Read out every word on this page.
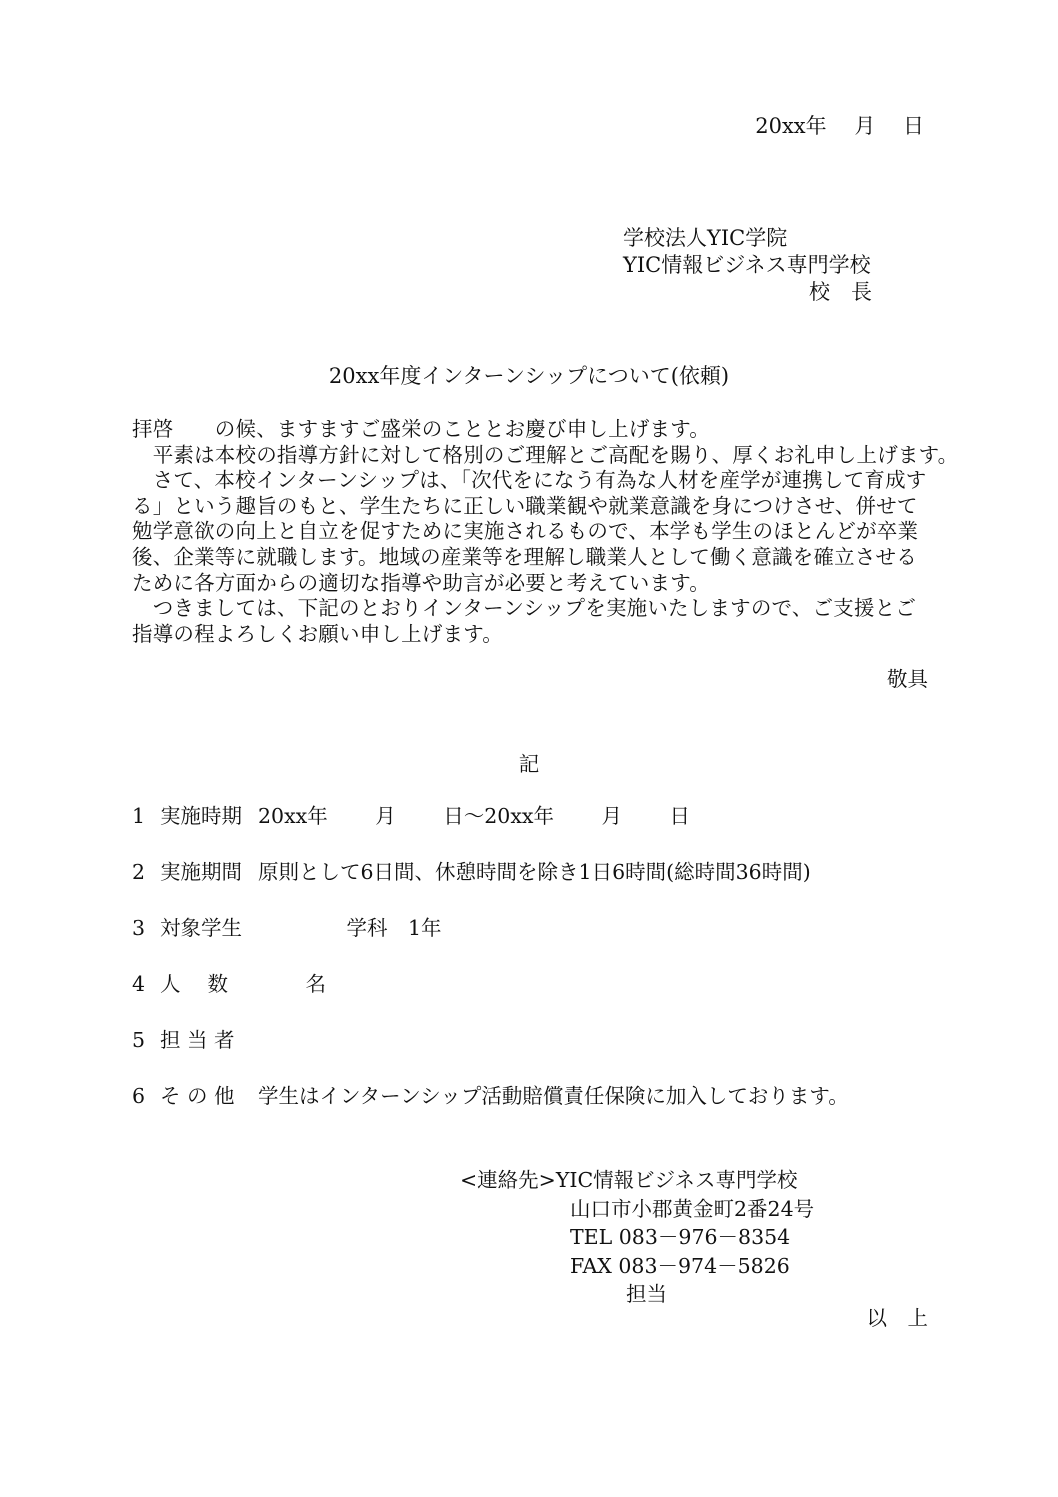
20xx年　 月　 日
学校法人YIC学院
YIC情報ビジネス専門学校
校　長
20xx年度インターンシップについて(依頼)

拝啓　　の候、ますますご盛栄のこととお慶び申し上げます。

　平素は本校の指導方針に対して格別のご理解とご高配を賜り、厚くお礼申し上げます。

　さて、本校インターンシップは、「次代をになう有為な人材を産学が連携して育成する」という趣旨のもと、学生たちに正しい職業観や就業意識を身につけさせ、併せて勉学意欲の向上と自立を促すために実施されるもので、本学も学生のほとんどが卒業後、企業等に就職します。地域の産業等を理解し職業人として働く意識を確立させるために各方面からの適切な指導や助言が必要と考えています。

　つきましては、下記のとおりインターンシップを実施いたしますので、ご支援とご指導の程よろしくお願い申し上げます。

敬具
記
1 実施時期 20xx年　　 月　　 日～20xx年　　 月　　 日
2 実施期間 原則として6日間、休憩時間を除き1日6時間(総時間36時間)
3 対象学生 　　　　 学科　1年
4 人　 数	　　 名
5 担 当 者
6 そ の 他	学生はインターンシップ活動賠償責任保険に加入しております。
<連絡先>YIC情報ビジネス専門学校
山口市小郡黄金町2番24号
TEL 083－976－8354
FAX 083－974－5826
担当
以　上
